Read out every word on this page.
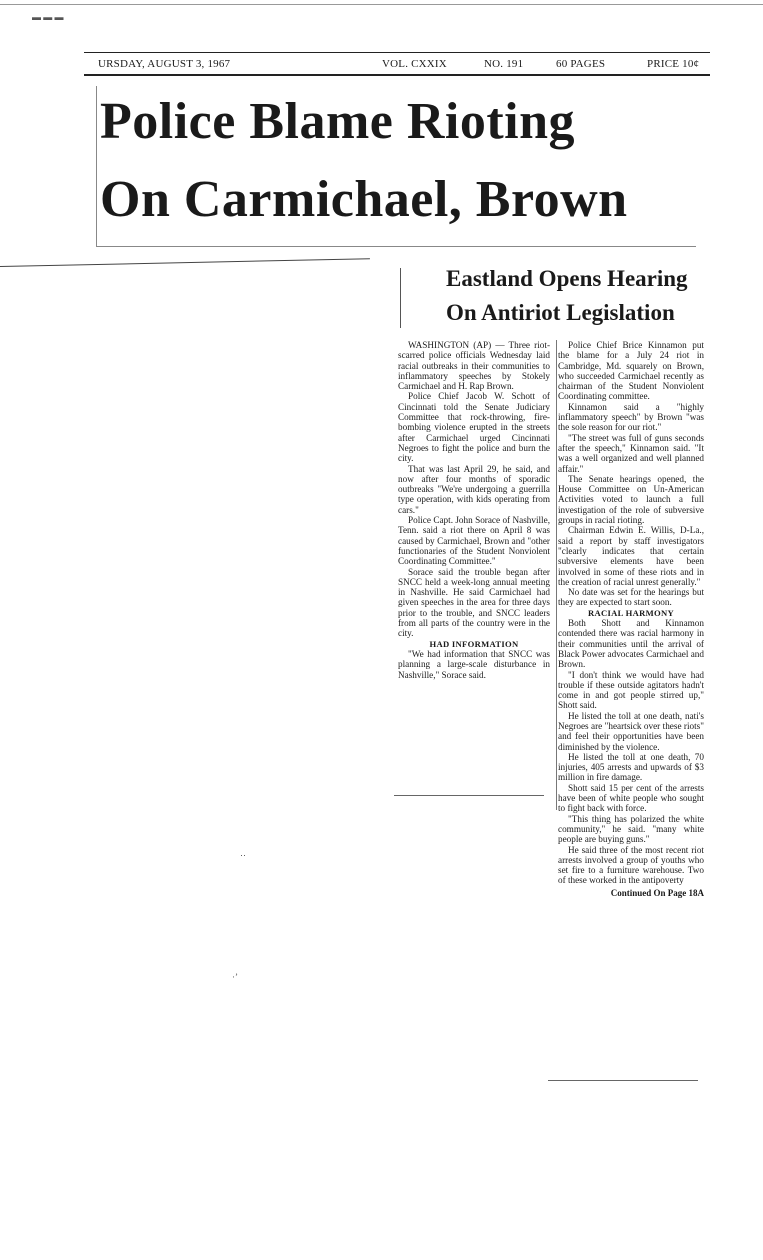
▬ ▬ ▬
URSDAY, AUGUST 3, 1967	VOL. CXXIX	NO. 191	60 PAGES	PRICE 10¢
Police Blame Rioting
On Carmichael, Brown
Eastland Opens Hearing
On Antiriot Legislation

WASHINGTON (AP) — Three riot-scarred police officials Wednesday laid racial outbreaks in their communities to inflammatory speeches by Stokely Carmichael and H. Rap Brown.

Police Chief Jacob W. Schott of Cincinnati told the Senate Judiciary Committee that rock-throwing, fire-bombing violence erupted in the streets after Carmichael urged Cincinnati Negroes to fight the police and burn the city.

That was last April 29, he said, and now after four months of sporadic outbreaks "We're undergoing a guerrilla type operation, with kids operating from cars."

Police Capt. John Sorace of Nashville, Tenn. said a riot there on April 8 was caused by Carmichael, Brown and "other functionaries of the Student Nonviolent Coordinating Committee."

Sorace said the trouble began after SNCC held a week-long annual meeting in Nashville. He said Carmichael had given speeches in the area for three days prior to the trouble, and SNCC leaders from all parts of the country were in the city.

HAD INFORMATION

"We had information that SNCC was planning a large-scale disturbance in Nashville," Sorace said.

Police Chief Brice Kinnamon put the blame for a July 24 riot in Cambridge, Md. squarely on Brown, who succeeded Carmichael recently as chairman of the Student Nonviolent Coordinating committee.

Kinnamon said a "highly inflammatory speech" by Brown "was the sole reason for our riot."

"The street was full of guns seconds after the speech," Kinnamon said. "It was a well organized and well planned affair."

The Senate hearings opened, the House Committee on Un-American Activities voted to launch a full investigation of the role of subversive groups in racial rioting.

Chairman Edwin E. Willis, D-La., said a report by staff investigators "clearly indicates that certain subversive elements have been involved in some of these riots and in the creation of racial unrest generally."

No date was set for the hearings but they are expected to start soon.

RACIAL HARMONY

Both Shott and Kinnamon contended there was racial harmony in their communities until the arrival of Black Power advocates Carmichael and Brown.

"I don't think we would have had trouble if these outside agitators hadn't come in and got people stirred up," Shott said.

He listed the toll at one death, nati's Negroes are "heartsick over these riots" and feel their opportunities have been diminished by the violence.

He listed the toll at one death, 70 injuries, 405 arrests and upwards of $3 million in fire damage.

Shott said 15 per cent of the arrests have been of white people who sought to fight back with force.

"This thing has polarized the white community," he said. "many white people are buying guns."

He said three of the most recent riot arrests involved a group of youths who set fire to a furniture warehouse. Two of these worked in the antipoverty

Continued On Page 18A
‥
·ʼ
